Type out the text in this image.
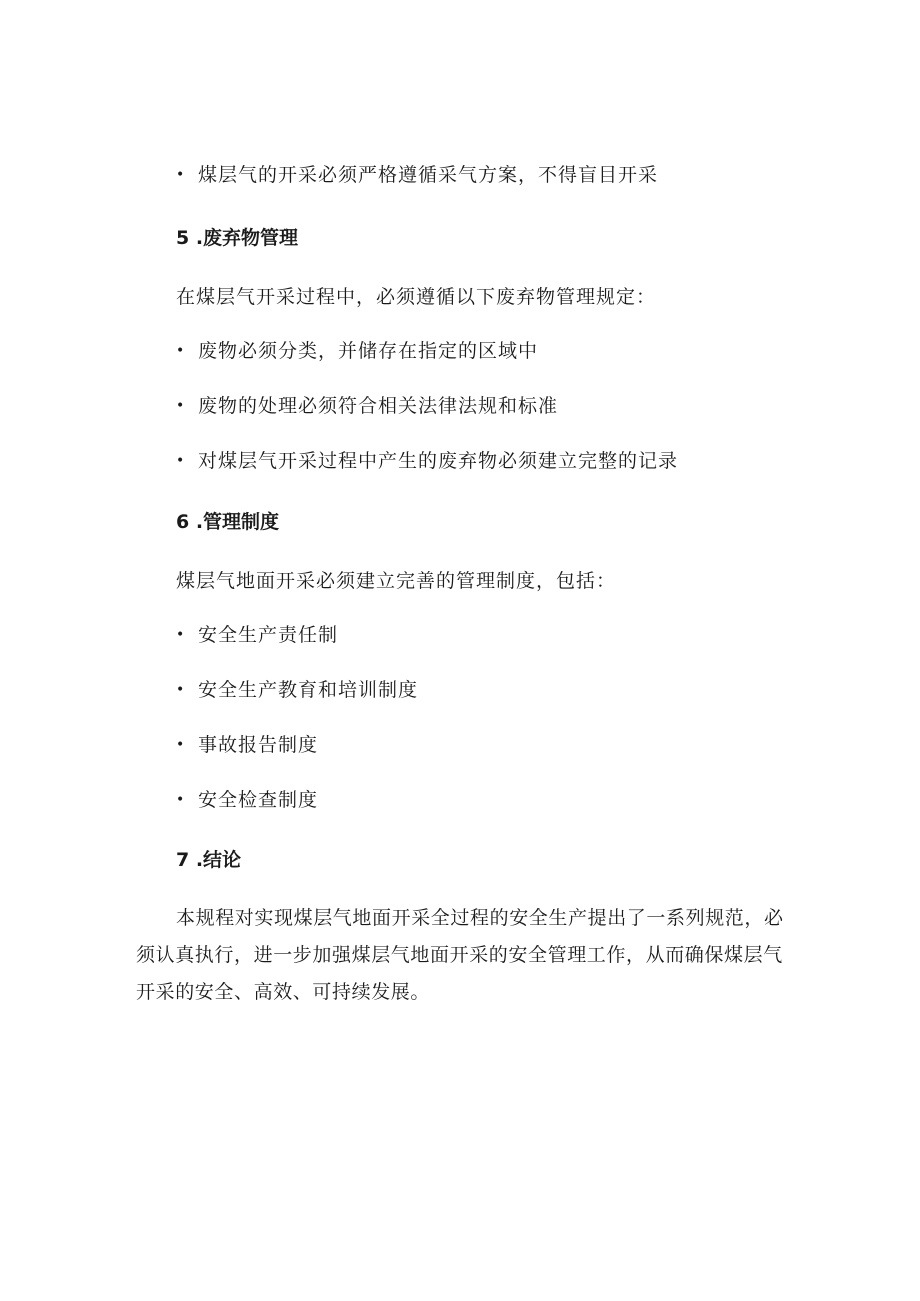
• 煤层气的开采必须严格遵循采气方案，不得盲目开采
5 .废弃物管理
在煤层气开采过程中，必须遵循以下废弃物管理规定：
• 废物必须分类，并储存在指定的区域中
• 废物的处理必须符合相关法律法规和标准
• 对煤层气开采过程中产生的废弃物必须建立完整的记录
6 .管理制度
煤层气地面开采必须建立完善的管理制度，包括：
• 安全生产责任制
• 安全生产教育和培训制度
• 事故报告制度
• 安全检查制度
7 .结论
本规程对实现煤层气地面开采全过程的安全生产提出了一系列规范，必须认真执行，进一步加强煤层气地面开采的安全管理工作，从而确保煤层气开采的安全、高效、可持续发展。
